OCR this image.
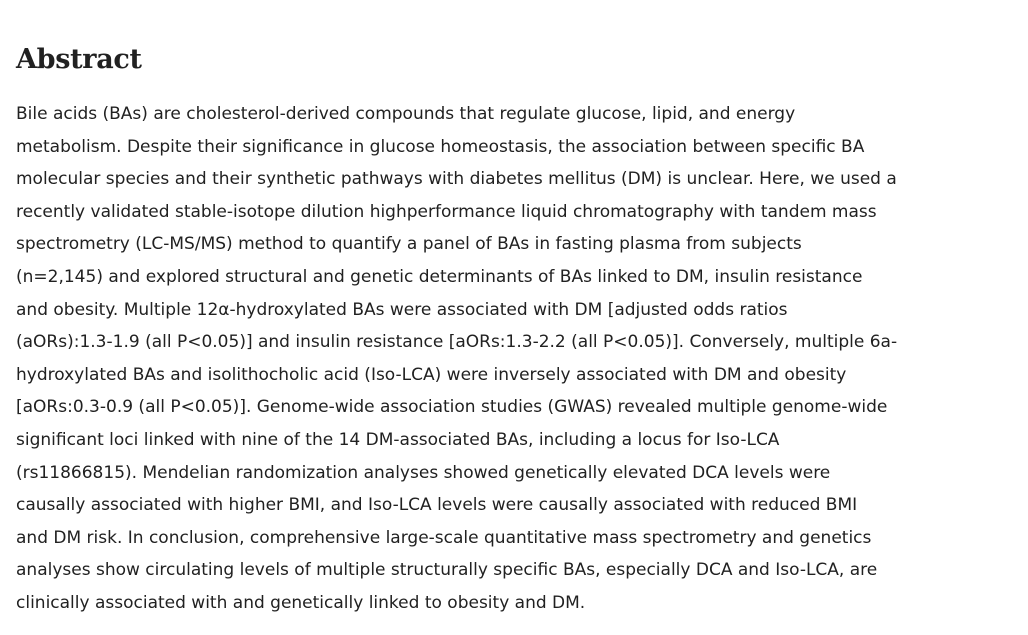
Abstract

Bile acids (BAs) are cholesterol-derived compounds that regulate glucose, lipid, and energy
metabolism. Despite their significance in glucose homeostasis, the association between specific BA
molecular species and their synthetic pathways with diabetes mellitus (DM) is unclear. Here, we used a
recently validated stable-isotope dilution highperformance liquid chromatography with tandem mass
spectrometry (LC-MS/MS) method to quantify a panel of BAs in fasting plasma from subjects
(n=2,145) and explored structural and genetic determinants of BAs linked to DM, insulin resistance
and obesity. Multiple 12α-hydroxylated BAs were associated with DM [adjusted odds ratios
(aORs):1.3-1.9 (all P<0.05)] and insulin resistance [aORs:1.3-2.2 (all P<0.05)]. Conversely, multiple 6a-
hydroxylated BAs and isolithocholic acid (Iso-LCA) were inversely associated with DM and obesity
[aORs:0.3-0.9 (all P<0.05)]. Genome-wide association studies (GWAS) revealed multiple genome-wide
significant loci linked with nine of the 14 DM-associated BAs, including a locus for Iso-LCA
(rs11866815). Mendelian randomization analyses showed genetically elevated DCA levels were
causally associated with higher BMI, and Iso-LCA levels were causally associated with reduced BMI
and DM risk. In conclusion, comprehensive large-scale quantitative mass spectrometry and genetics
analyses show circulating levels of multiple structurally specific BAs, especially DCA and Iso-LCA, are
clinically associated with and genetically linked to obesity and DM.
